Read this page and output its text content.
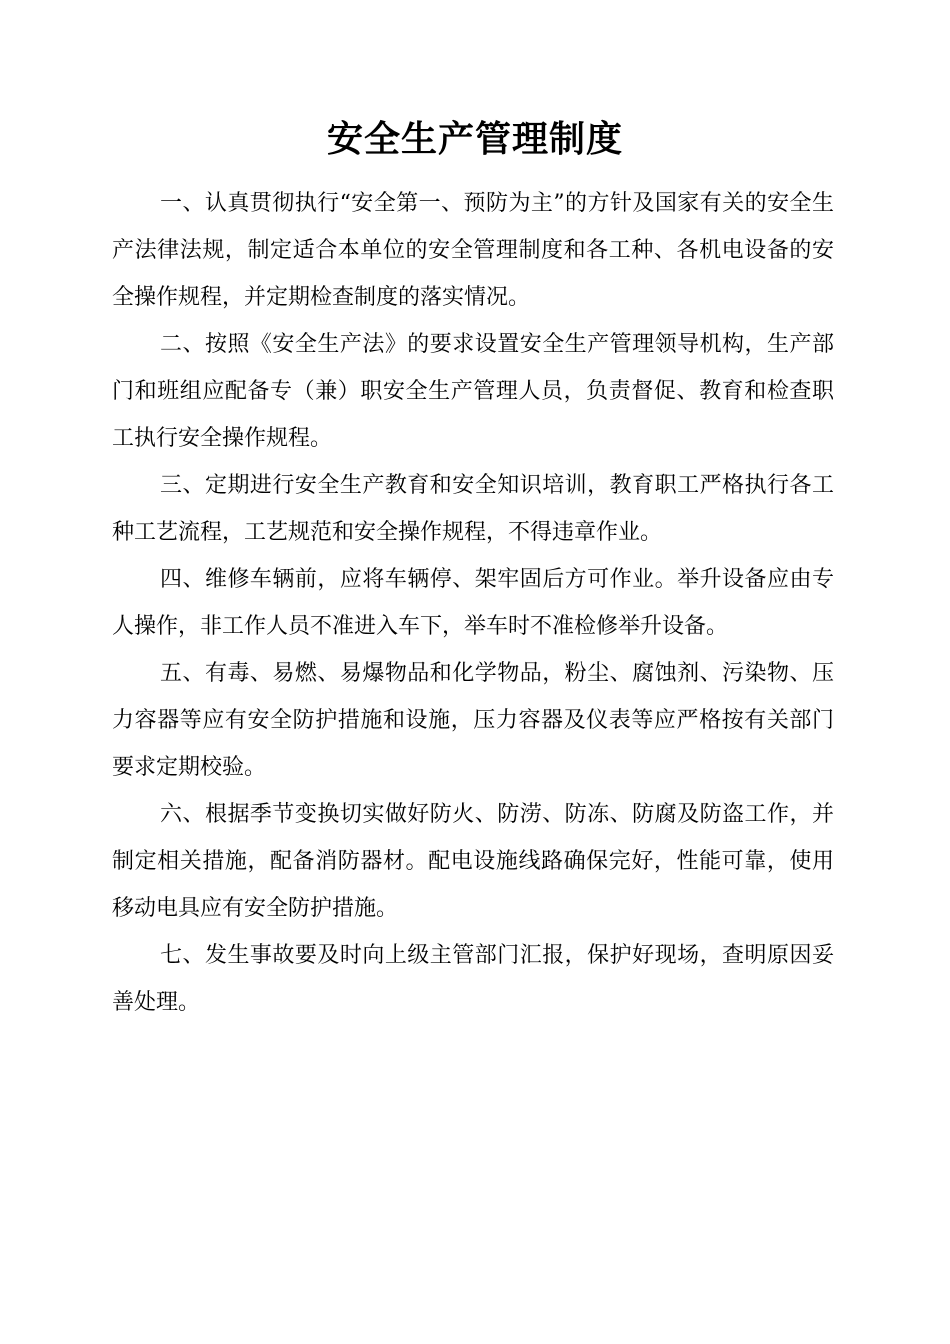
安全生产管理制度

一、认真贯彻执行“安全第一、预防为主”的方针及国家有关的安全生产法律法规，制定适合本单位的安全管理制度和各工种、各机电设备的安全操作规程，并定期检查制度的落实情况。

二、按照《安全生产法》的要求设置安全生产管理领导机构，生产部门和班组应配备专（兼）职安全生产管理人员，负责督促、教育和检查职工执行安全操作规程。

三、定期进行安全生产教育和安全知识培训，教育职工严格执行各工种工艺流程，工艺规范和安全操作规程，不得违章作业。

四、维修车辆前，应将车辆停、架牢固后方可作业。举升设备应由专人操作，非工作人员不准进入车下，举车时不准检修举升设备。

五、有毒、易燃、易爆物品和化学物品，粉尘、腐蚀剂、污染物、压力容器等应有安全防护措施和设施，压力容器及仪表等应严格按有关部门要求定期校验。

六、根据季节变换切实做好防火、防涝、防冻、防腐及防盗工作，并制定相关措施，配备消防器材。配电设施线路确保完好，性能可靠，使用移动电具应有安全防护措施。

七、发生事故要及时向上级主管部门汇报，保护好现场，查明原因妥善处理。
